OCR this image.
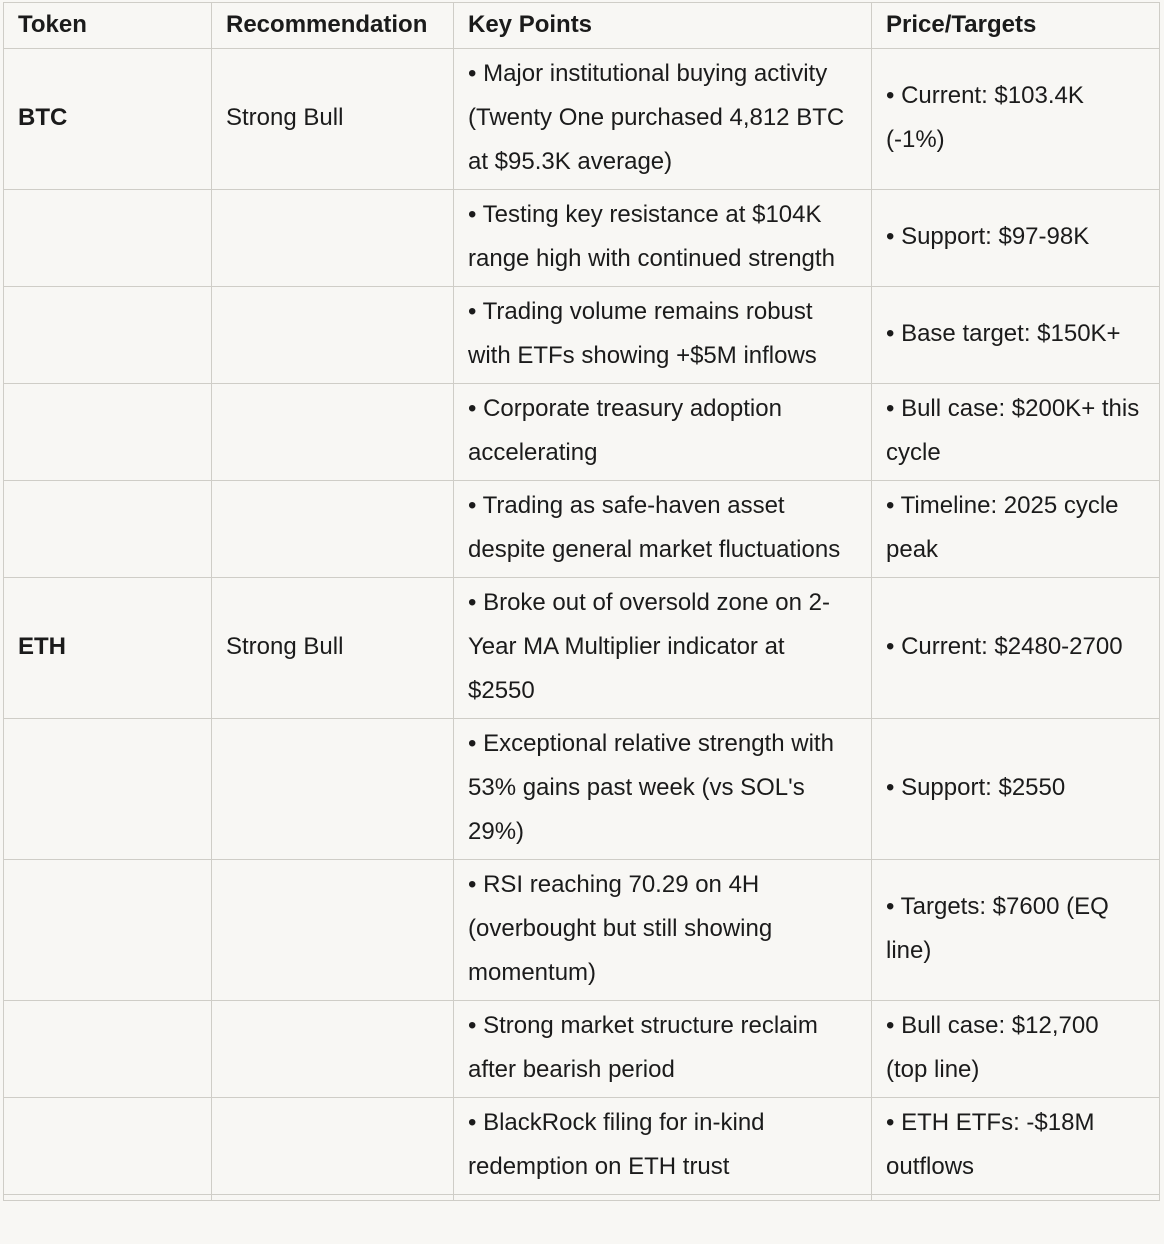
Token	Recommendation	Key Points	Price/Targets
BTC	Strong Bull	• Major institutional buying activity (Twenty One purchased 4,812 BTC at $95.3K average)	• Current: $103.4K (-1%)
		• Testing key resistance at $104K range high with continued strength	• Support: $97-98K
		• Trading volume remains robust with ETFs showing +$5M inflows	• Base target: $150K+
		• Corporate treasury adoption accelerating	• Bull case: $200K+ this cycle
		• Trading as safe-haven asset despite general market fluctuations	• Timeline: 2025 cycle peak
ETH	Strong Bull	• Broke out of oversold zone on 2-Year MA Multiplier indicator at $2550	• Current: $2480-2700
		• Exceptional relative strength with 53% gains past week (vs SOL's 29%)	• Support: $2550
		• RSI reaching 70.29 on 4H (overbought but still showing momentum)	• Targets: $7600 (EQ line)
		• Strong market structure reclaim after bearish period	• Bull case: $12,700 (top line)
		• BlackRock filing for in-kind redemption on ETH trust	• ETH ETFs: -$18M outflows
